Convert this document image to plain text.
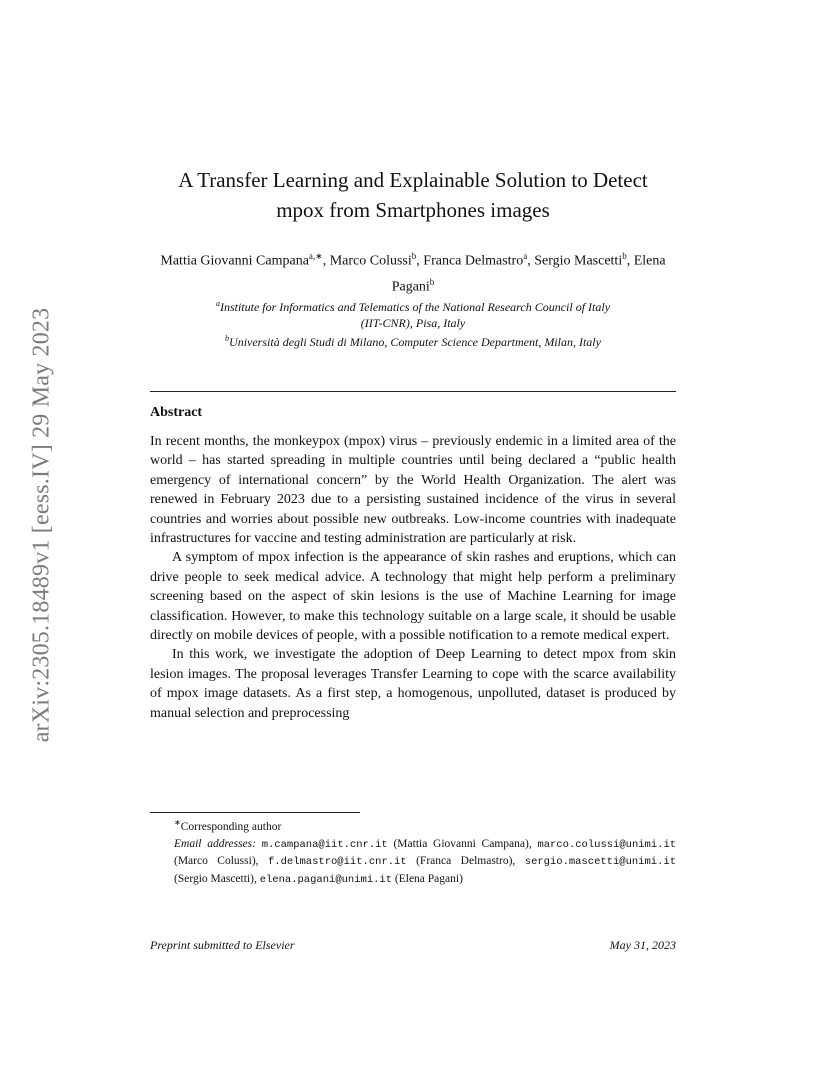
arXiv:2305.18489v1 [eess.IV] 29 May 2023
A Transfer Learning and Explainable Solution to Detect
mpox from Smartphones images
Mattia Giovanni Campana$^{a,∗}$, Marco Colussi$^b$, Franca Delmastro$^a$, Sergio Mascetti$^b$, Elena Pagani$^b$
$^a$Institute for Informatics and Telematics of the National Research Council of Italy
(IIT-CNR), Pisa, Italy
$^b$Università degli Studi di Milano, Computer Science Department, Milan, Italy
Abstract

In recent months, the monkeypox (mpox) virus – previously endemic in a limited area of the world – has started spreading in multiple countries until being declared a “public health emergency of international concern” by the World Health Organization. The alert was renewed in February 2023 due to a persisting sustained incidence of the virus in several countries and worries about possible new outbreaks. Low-income countries with inadequate infrastructures for vaccine and testing administration are particularly at risk.

A symptom of mpox infection is the appearance of skin rashes and eruptions, which can drive people to seek medical advice. A technology that might help perform a preliminary screening based on the aspect of skin lesions is the use of Machine Learning for image classification. However, to make this technology suitable on a large scale, it should be usable directly on mobile devices of people, with a possible notification to a remote medical expert.

In this work, we investigate the adoption of Deep Learning to detect mpox from skin lesion images. The proposal leverages Transfer Learning to cope with the scarce availability of mpox image datasets. As a first step, a homogenous, unpolluted, dataset is produced by manual selection and preprocessing

∗Corresponding author

Email addresses: m.campana@iit.cnr.it (Mattia Giovanni Campana), marco.colussi@unimi.it (Marco Colussi), f.delmastro@iit.cnr.it (Franca Delmastro), sergio.mascetti@unimi.it (Sergio Mascetti), elena.pagani@unimi.it (Elena Pagani)

Preprint submitted to Elsevier	May 31, 2023
